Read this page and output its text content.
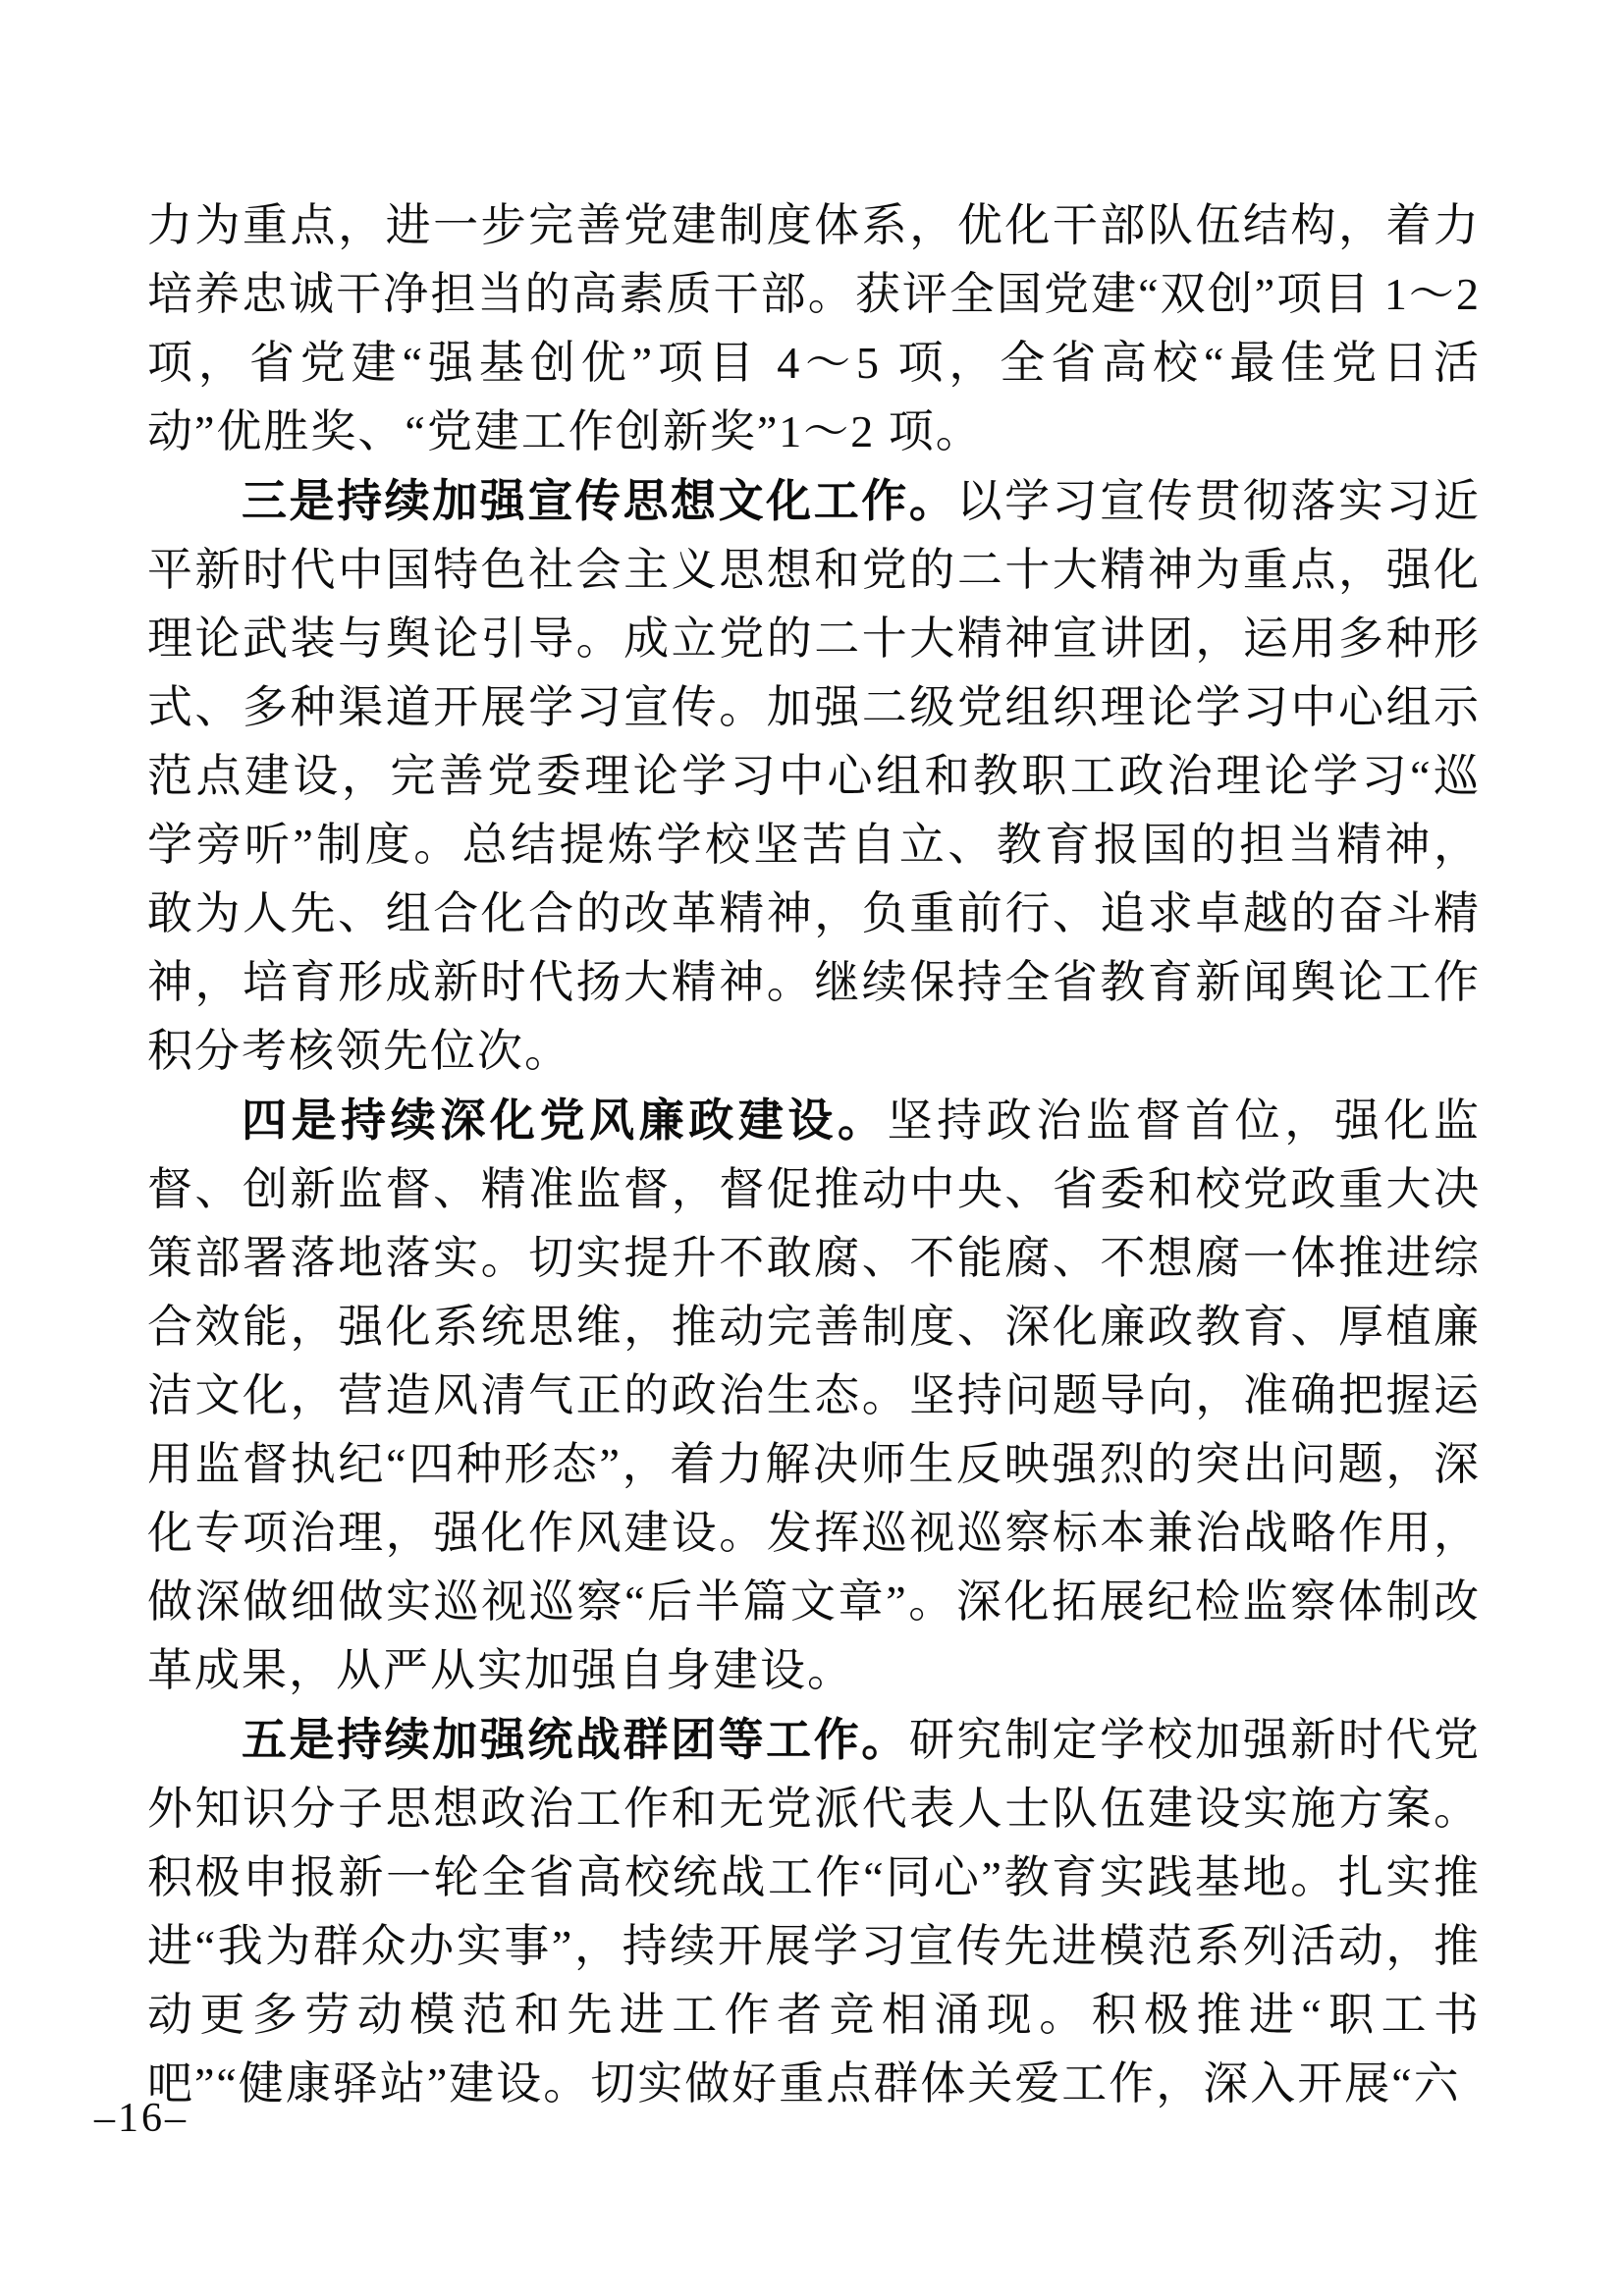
力为重点，进一步完善党建制度体系，优化干部队伍结构，着力培养忠诚干净担当的高素质干部。获评全国党建“双创”项目 1～2 项，省党建“强基创优”项目 4～5 项，全省高校“最佳党日活动”优胜奖、“党建工作创新奖”1～2 项。

三是持续加强宣传思想文化工作。以学习宣传贯彻落实习近平新时代中国特色社会主义思想和党的二十大精神为重点，强化理论武装与舆论引导。成立党的二十大精神宣讲团，运用多种形式、多种渠道开展学习宣传。加强二级党组织理论学习中心组示范点建设，完善党委理论学习中心组和教职工政治理论学习“巡学旁听”制度。总结提炼学校坚苦自立、教育报国的担当精神，敢为人先、组合化合的改革精神，负重前行、追求卓越的奋斗精神，培育形成新时代扬大精神。继续保持全省教育新闻舆论工作积分考核领先位次。

四是持续深化党风廉政建设。坚持政治监督首位，强化监督、创新监督、精准监督，督促推动中央、省委和校党政重大决策部署落地落实。切实提升不敢腐、不能腐、不想腐一体推进综合效能，强化系统思维，推动完善制度、深化廉政教育、厚植廉洁文化，营造风清气正的政治生态。坚持问题导向，准确把握运用监督执纪“四种形态”，着力解决师生反映强烈的突出问题，深化专项治理，强化作风建设。发挥巡视巡察标本兼治战略作用，做深做细做实巡视巡察“后半篇文章”。深化拓展纪检监察体制改革成果，从严从实加强自身建设。

五是持续加强统战群团等工作。研究制定学校加强新时代党外知识分子思想政治工作和无党派代表人士队伍建设实施方案。积极申报新一轮全省高校统战工作“同心”教育实践基地。扎实推进“我为群众办实事”，持续开展学习宣传先进模范系列活动，推动更多劳动模范和先进工作者竞相涌现。积极推进“职工书吧”“健康驿站”建设。切实做好重点群体关爱工作，深入开展“六

–16–
